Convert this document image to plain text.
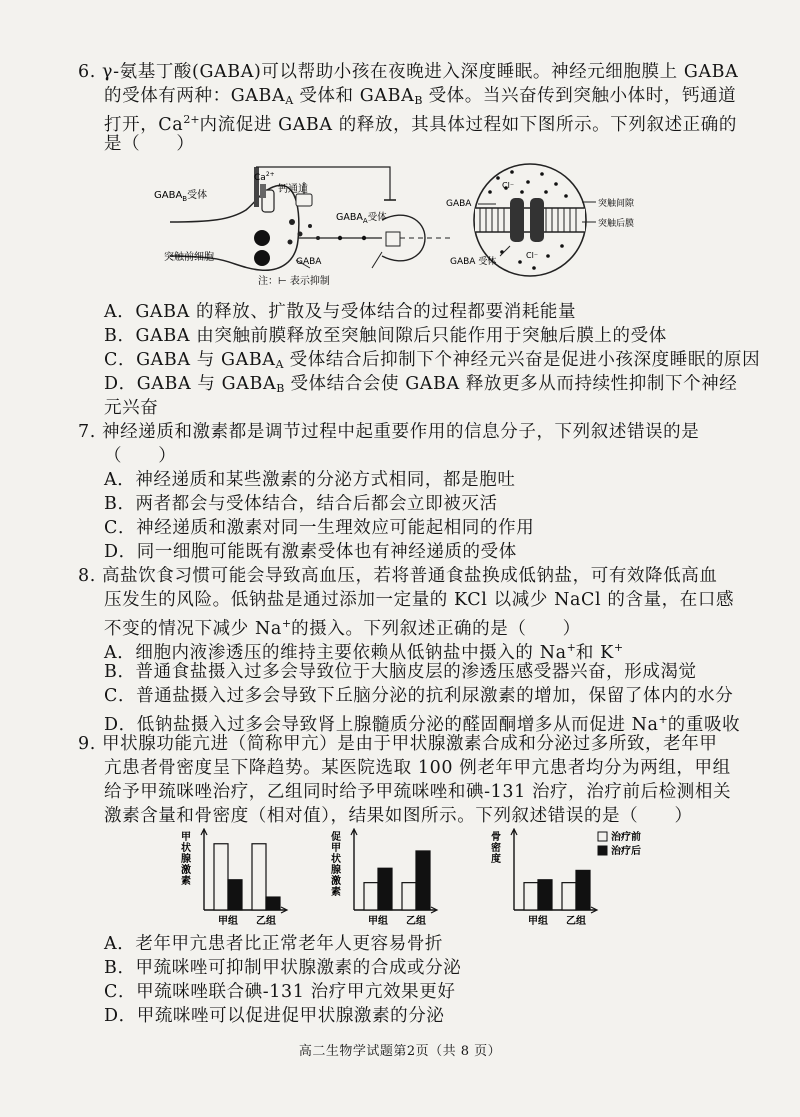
6. γ-氨基丁酸(GABA)可以帮助小孩在夜晚进入深度睡眠。神经元细胞膜上 GABA
的受体有两种：$GABA_A$ 受体和 $GABA_B$ 受体。当兴奋传到突触小体时，钙通道
打开，$Ca^{2+}$内流促进 GABA 的释放，其具体过程如下图所示。下列叙述正确的
是（　　）
$GABA_B$受体
$Ca^{2+}$
钙通道
$GABA_A$受体
突触前细胞	GABA
注：⊢ 表示抑制
Cl⁻
Cl⁻
GABA	突触间隙
突触后膜
GABA 受体
A．GABA 的释放、扩散及与受体结合的过程都要消耗能量
B．GABA 由突触前膜释放至突触间隙后只能作用于突触后膜上的受体
C．GABA 与 $GABA_A$ 受体结合后抑制下个神经元兴奋是促进小孩深度睡眠的原因
D．GABA 与 $GABA_B$ 受体结合会使 GABA 释放更多从而持续性抑制下个神经
元兴奋
7. 神经递质和激素都是调节过程中起重要作用的信息分子，下列叙述错误的是
（　　）
A．神经递质和某些激素的分泌方式相同，都是胞吐
B．两者都会与受体结合，结合后都会立即被灭活
C．神经递质和激素对同一生理效应可能起相同的作用
D．同一细胞可能既有激素受体也有神经递质的受体
8. 高盐饮食习惯可能会导致高血压，若将普通食盐换成低钠盐，可有效降低高血
压发生的风险。低钠盐是通过添加一定量的 KCl 以减少 NaCl 的含量，在口感
不变的情况下减少 Na+的摄入。下列叙述正确的是（　　）
A．细胞内液渗透压的维持主要依赖从低钠盐中摄入的 Na+和 K+
B．普通食盐摄入过多会导致位于大脑皮层的渗透压感受器兴奋，形成渴觉
C．普通盐摄入过多会导致下丘脑分泌的抗利尿激素的增加，保留了体内的水分
D．低钠盐摄入过多会导致肾上腺髓质分泌的醛固酮增多从而促进 Na+的重吸收
9. 甲状腺功能亢进（简称甲亢）是由于甲状腺激素合成和分泌过多所致，老年甲
亢患者骨密度呈下降趋势。某医院选取 100 例老年甲亢患者均分为两组，甲组
给予甲巯咪唑治疗，乙组同时给予甲巯咪唑和碘-131 治疗，治疗前后检测相关
激素含量和骨密度（相对值），结果如图所示。下列叙述错误的是（　　）
甲
状
腺
激
素
甲组 乙组
促
甲
状
腺
激
素
甲组 乙组
骨
密
度
甲组 乙组
治疗前
治疗后
A．老年甲亢患者比正常老年人更容易骨折
B．甲巯咪唑可抑制甲状腺激素的合成或分泌
C．甲巯咪唑联合碘-131 治疗甲亢效果更好
D．甲巯咪唑可以促进促甲状腺激素的分泌
高二生物学试题第2页（共 8 页）
